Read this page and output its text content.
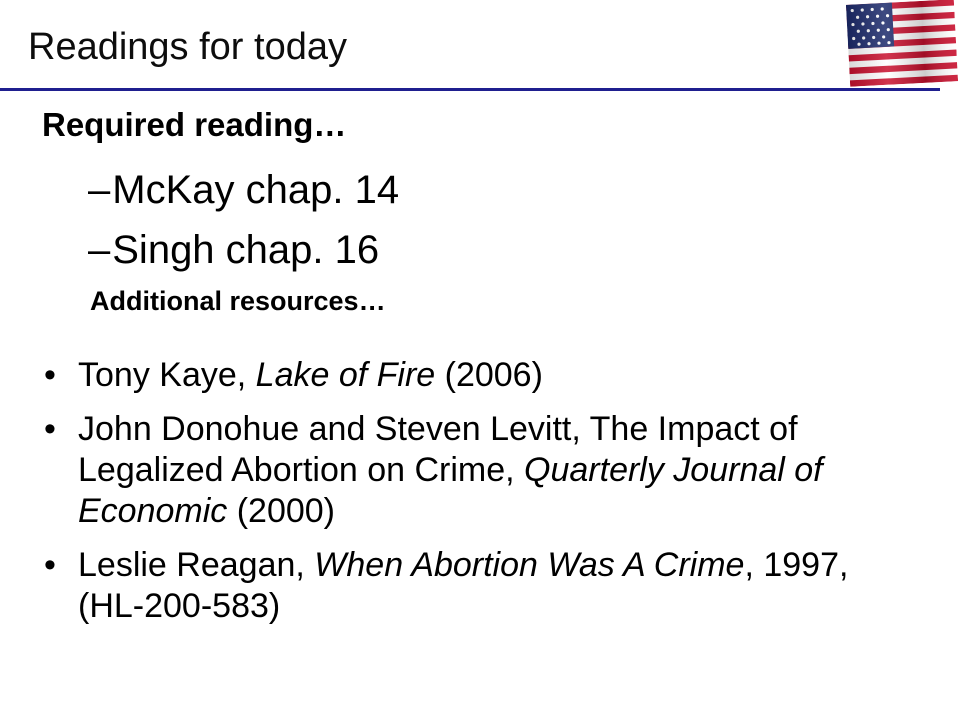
Readings for today
Required reading…
–McKay chap. 14
–Singh chap. 16
Additional resources…
• Tony Kaye, Lake of Fire (2006)
• John Donohue and Steven Levitt, The Impact of Legalized Abortion on Crime, Quarterly Journal of Economic (2000)
• Leslie Reagan, When Abortion Was A Crime, 1997, (HL-200-583)
